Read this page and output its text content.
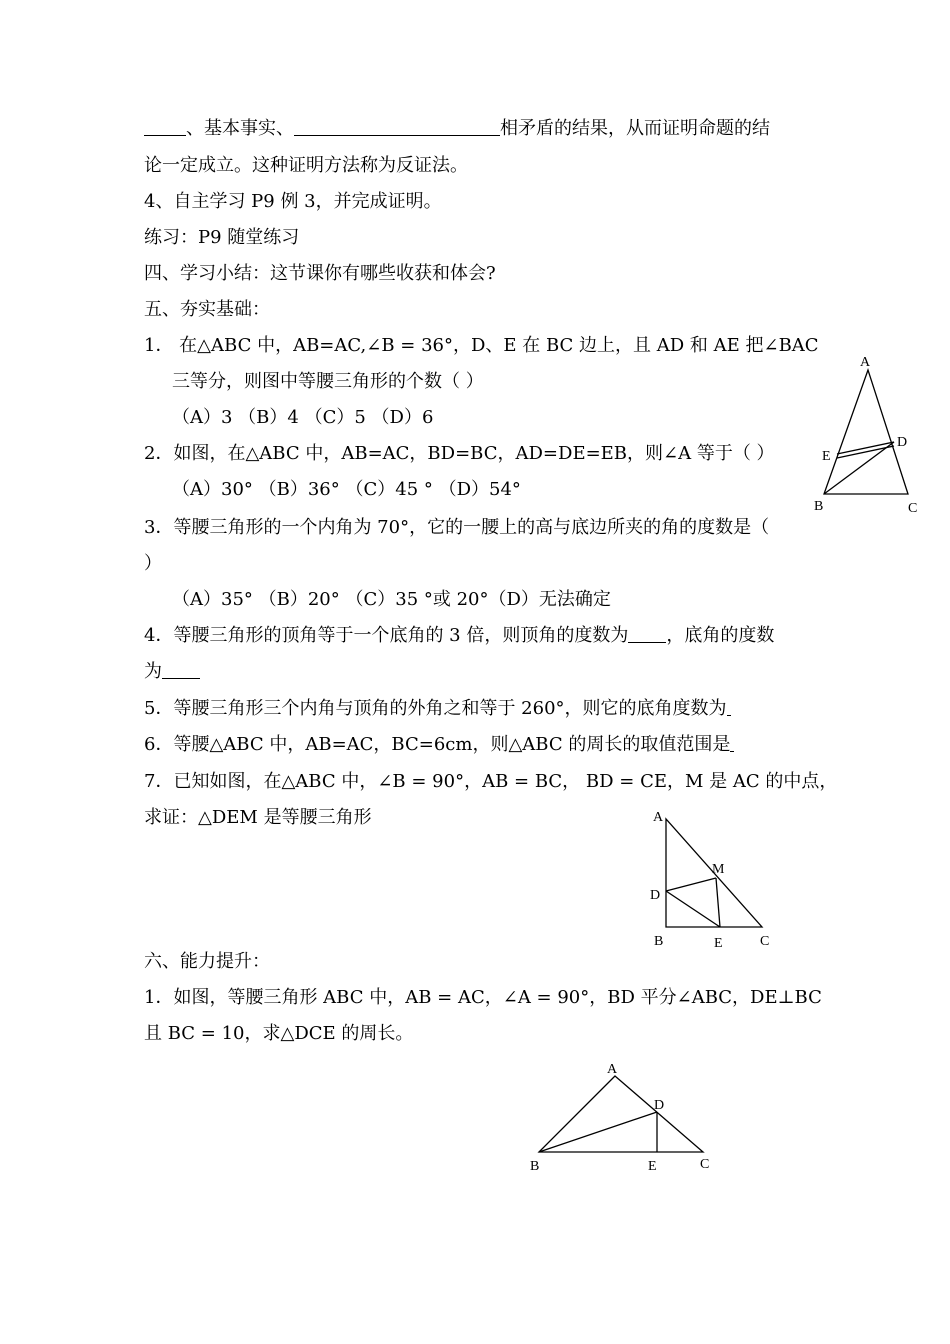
、基本事实、	相矛盾的结果，从而证明命题的结
论一定成立。这种证明方法称为反证法。
4、自主学习 P9 例 3，并完成证明。
练习：P9 随堂练习
四、学习小结：这节课你有哪些收获和体会?
五、夯实基础：
1． 在△ABC 中，AB=AC,∠B = 36°，D、E 在 BC 边上，且 AD 和 AE 把∠BAC
三等分，则图中等腰三角形的个数（ ）
（A）3 （B）4 （C）5 （D）6
2．如图，在△ABC 中，AB=AC，BD=BC，AD=DE=EB，则∠A 等于（ ）
（A）30° （B）36° （C）45 ° （D）54°
3．等腰三角形的一个内角为 70°，它的一腰上的高与底边所夹的角的度数是（
）
（A）35° （B）20° （C）35 °或 20°（D）无法确定
4．等腰三角形的顶角等于一个底角的 3 倍，则顶角的度数为 ，底角的度数
为
5．等腰三角形三个内角与顶角的外角之和等于 260°，则它的底角度数为
6．等腰△ABC 中，AB=AC，BC=6cm，则△ABC 的周长的取值范围是
7．已知如图，在△ABC 中，∠B = 90°，AB = BC， BD = CE，M 是 AC 的中点，
求证：△DEM 是等腰三角形
六、能力提升：
1．如图，等腰三角形 ABC 中，AB = AC，∠A = 90°，BD 平分∠ABC，DE⊥BC
且 BC = 10，求△DCE 的周长。
A
D
E
B	C
A
M
D
B	E	C
A
D
B	E	C
